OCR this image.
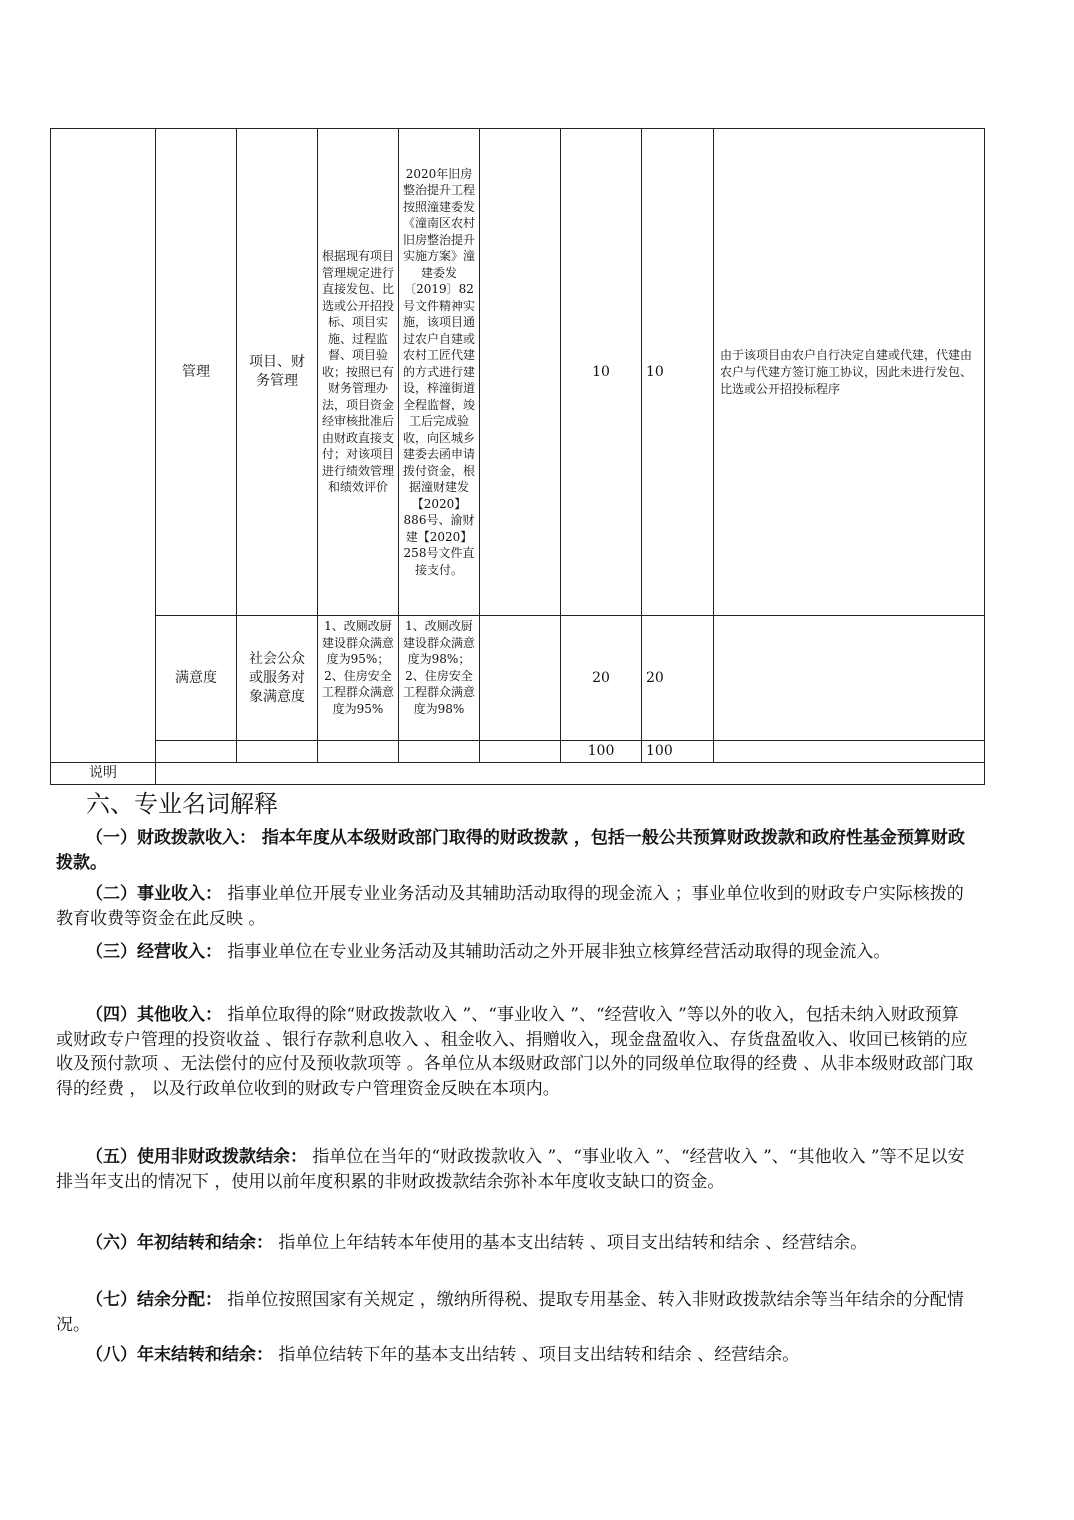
	管理	项目、财务管理	根据现有项目管理规定进行直接发包、比选或公开招投标、项目实施、过程监督、项目验收；按照已有财务管理办法，项目资金经审核批准后由财政直接支付；对该项目进行绩效管理和绩效评价	2020年旧房整治提升工程按照潼建委发《潼南区农村旧房整治提升实施方案》潼建委发〔2019〕82号文件精神实施，该项目通过农户自建或农村工匠代建的方式进行建设，梓潼街道全程监督，竣工后完成验收，向区城乡建委去函申请拨付资金，根据潼财建发【2020】886号、渝财建【2020】258号文件直接支付。		10	10	由于该项目由农户自行决定自建或代建，代建由农户与代建方签订施工协议，因此未进行发包、比选或公开招投标程序
	满意度	社会公众或服务对象满意度	1、改厕改厨建设群众满意度为95%；2、住房安全工程群众满意度为95%	1、改厕改厨建设群众满意度为98%；2、住房安全工程群众满意度为98%		20	20	
						100	100	
说明								
六、专业名词解释
（一）财政拨款收入： 指本年度从本级财政部门取得的财政拨款 ，包括一般公共预算财政拨款和政府性基金预算财政拨款。
（二）事业收入： 指事业单位开展专业业务活动及其辅助活动取得的现金流入 ；事业单位收到的财政专户实际核拨的教育收费等资金在此反映 。
（三）经营收入： 指事业单位在专业业务活动及其辅助活动之外开展非独立核算经营活动取得的现金流入。
（四）其他收入： 指单位取得的除“财政拨款收入 ”、“事业收入 ”、“经营收入 ”等以外的收入，包括未纳入财政预算或财政专户管理的投资收益 、银行存款利息收入 、租金收入、捐赠收入，现金盘盈收入、存货盘盈收入、收回已核销的应收及预付款项 、无法偿付的应付及预收款项等 。各单位从本级财政部门以外的同级单位取得的经费 、从非本级财政部门取得的经费 ， 以及行政单位收到的财政专户管理资金反映在本项内。
（五）使用非财政拨款结余： 指单位在当年的“财政拨款收入 ”、“事业收入 ”、“经营收入 ”、“其他收入 ”等不足以安排当年支出的情况下 ，使用以前年度积累的非财政拨款结余弥补本年度收支缺口的资金。
（六）年初结转和结余： 指单位上年结转本年使用的基本支出结转 、项目支出结转和结余 、经营结余。
（七）结余分配： 指单位按照国家有关规定 ，缴纳所得税、提取专用基金、转入非财政拨款结余等当年结余的分配情况。
（八）年末结转和结余： 指单位结转下年的基本支出结转 、项目支出结转和结余 、经营结余。
